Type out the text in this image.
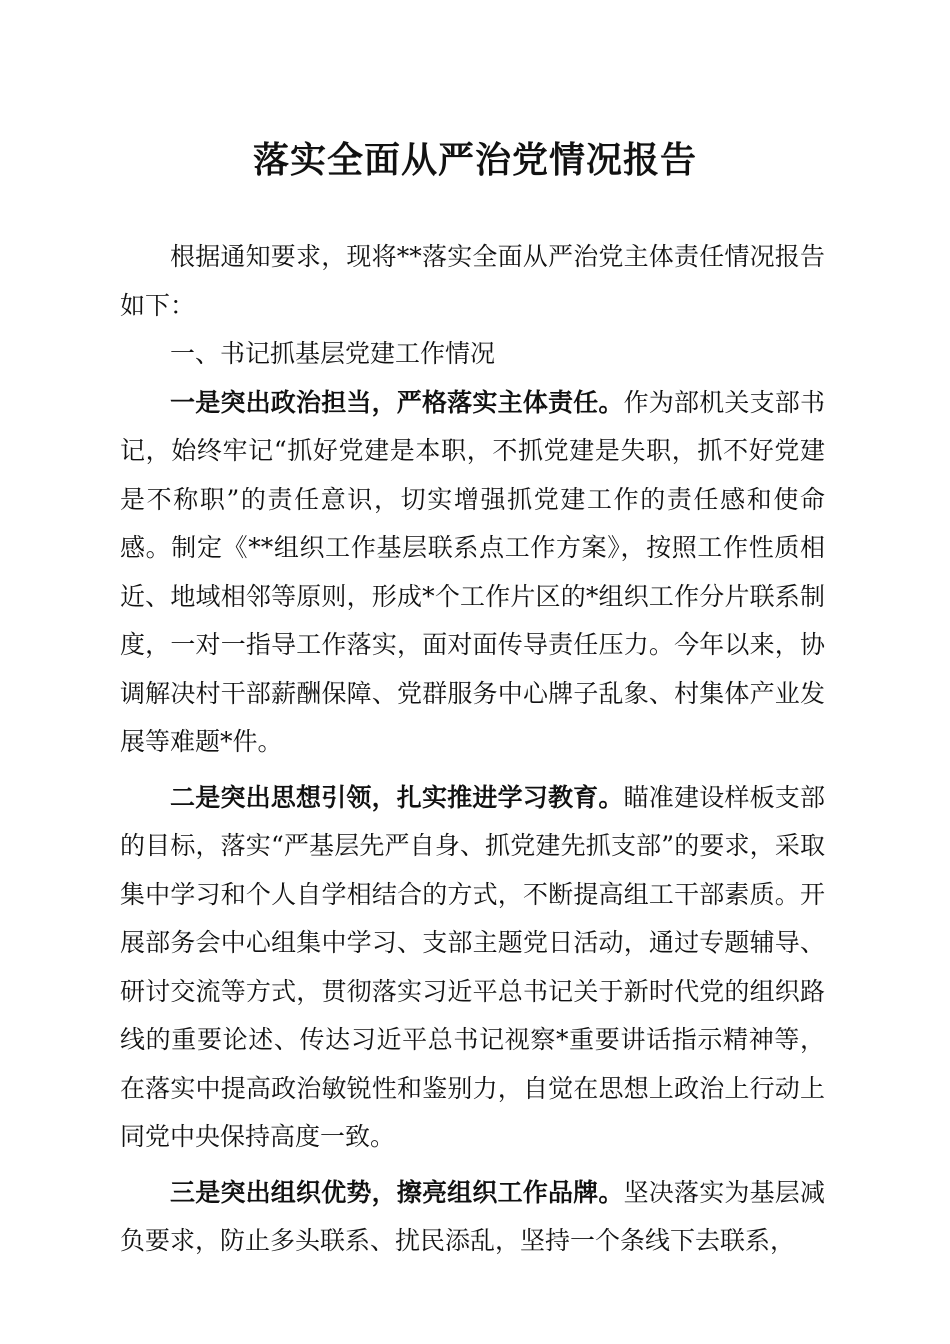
落实全面从严治党情况报告

根据通知要求，现将**落实全面从严治党主体责任情况报告如下：

一、书记抓基层党建工作情况

一是突出政治担当，严格落实主体责任。作为部机关支部书记，始终牢记“抓好党建是本职，不抓党建是失职，抓不好党建是不称职”的责任意识，切实增强抓党建工作的责任感和使命感。制定《**组织工作基层联系点工作方案》，按照工作性质相近、地域相邻等原则，形成*个工作片区的*组织工作分片联系制度，一对一指导工作落实，面对面传导责任压力。今年以来，协调解决村干部薪酬保障、党群服务中心牌子乱象、村集体产业发展等难题*件。

二是突出思想引领，扎实推进学习教育。瞄准建设样板支部的目标，落实“严基层先严自身、抓党建先抓支部”的要求，采取集中学习和个人自学相结合的方式，不断提高组工干部素质。开展部务会中心组集中学习、支部主题党日活动，通过专题辅导、研讨交流等方式，贯彻落实习近平总书记关于新时代党的组织路线的重要论述、传达习近平总书记视察*重要讲话指示精神等，在落实中提高政治敏锐性和鉴别力，自觉在思想上政治上行动上同党中央保持高度一致。

三是突出组织优势，擦亮组织工作品牌。坚决落实为基层减负要求，防止多头联系、扰民添乱，坚持一个条线下去联系，
